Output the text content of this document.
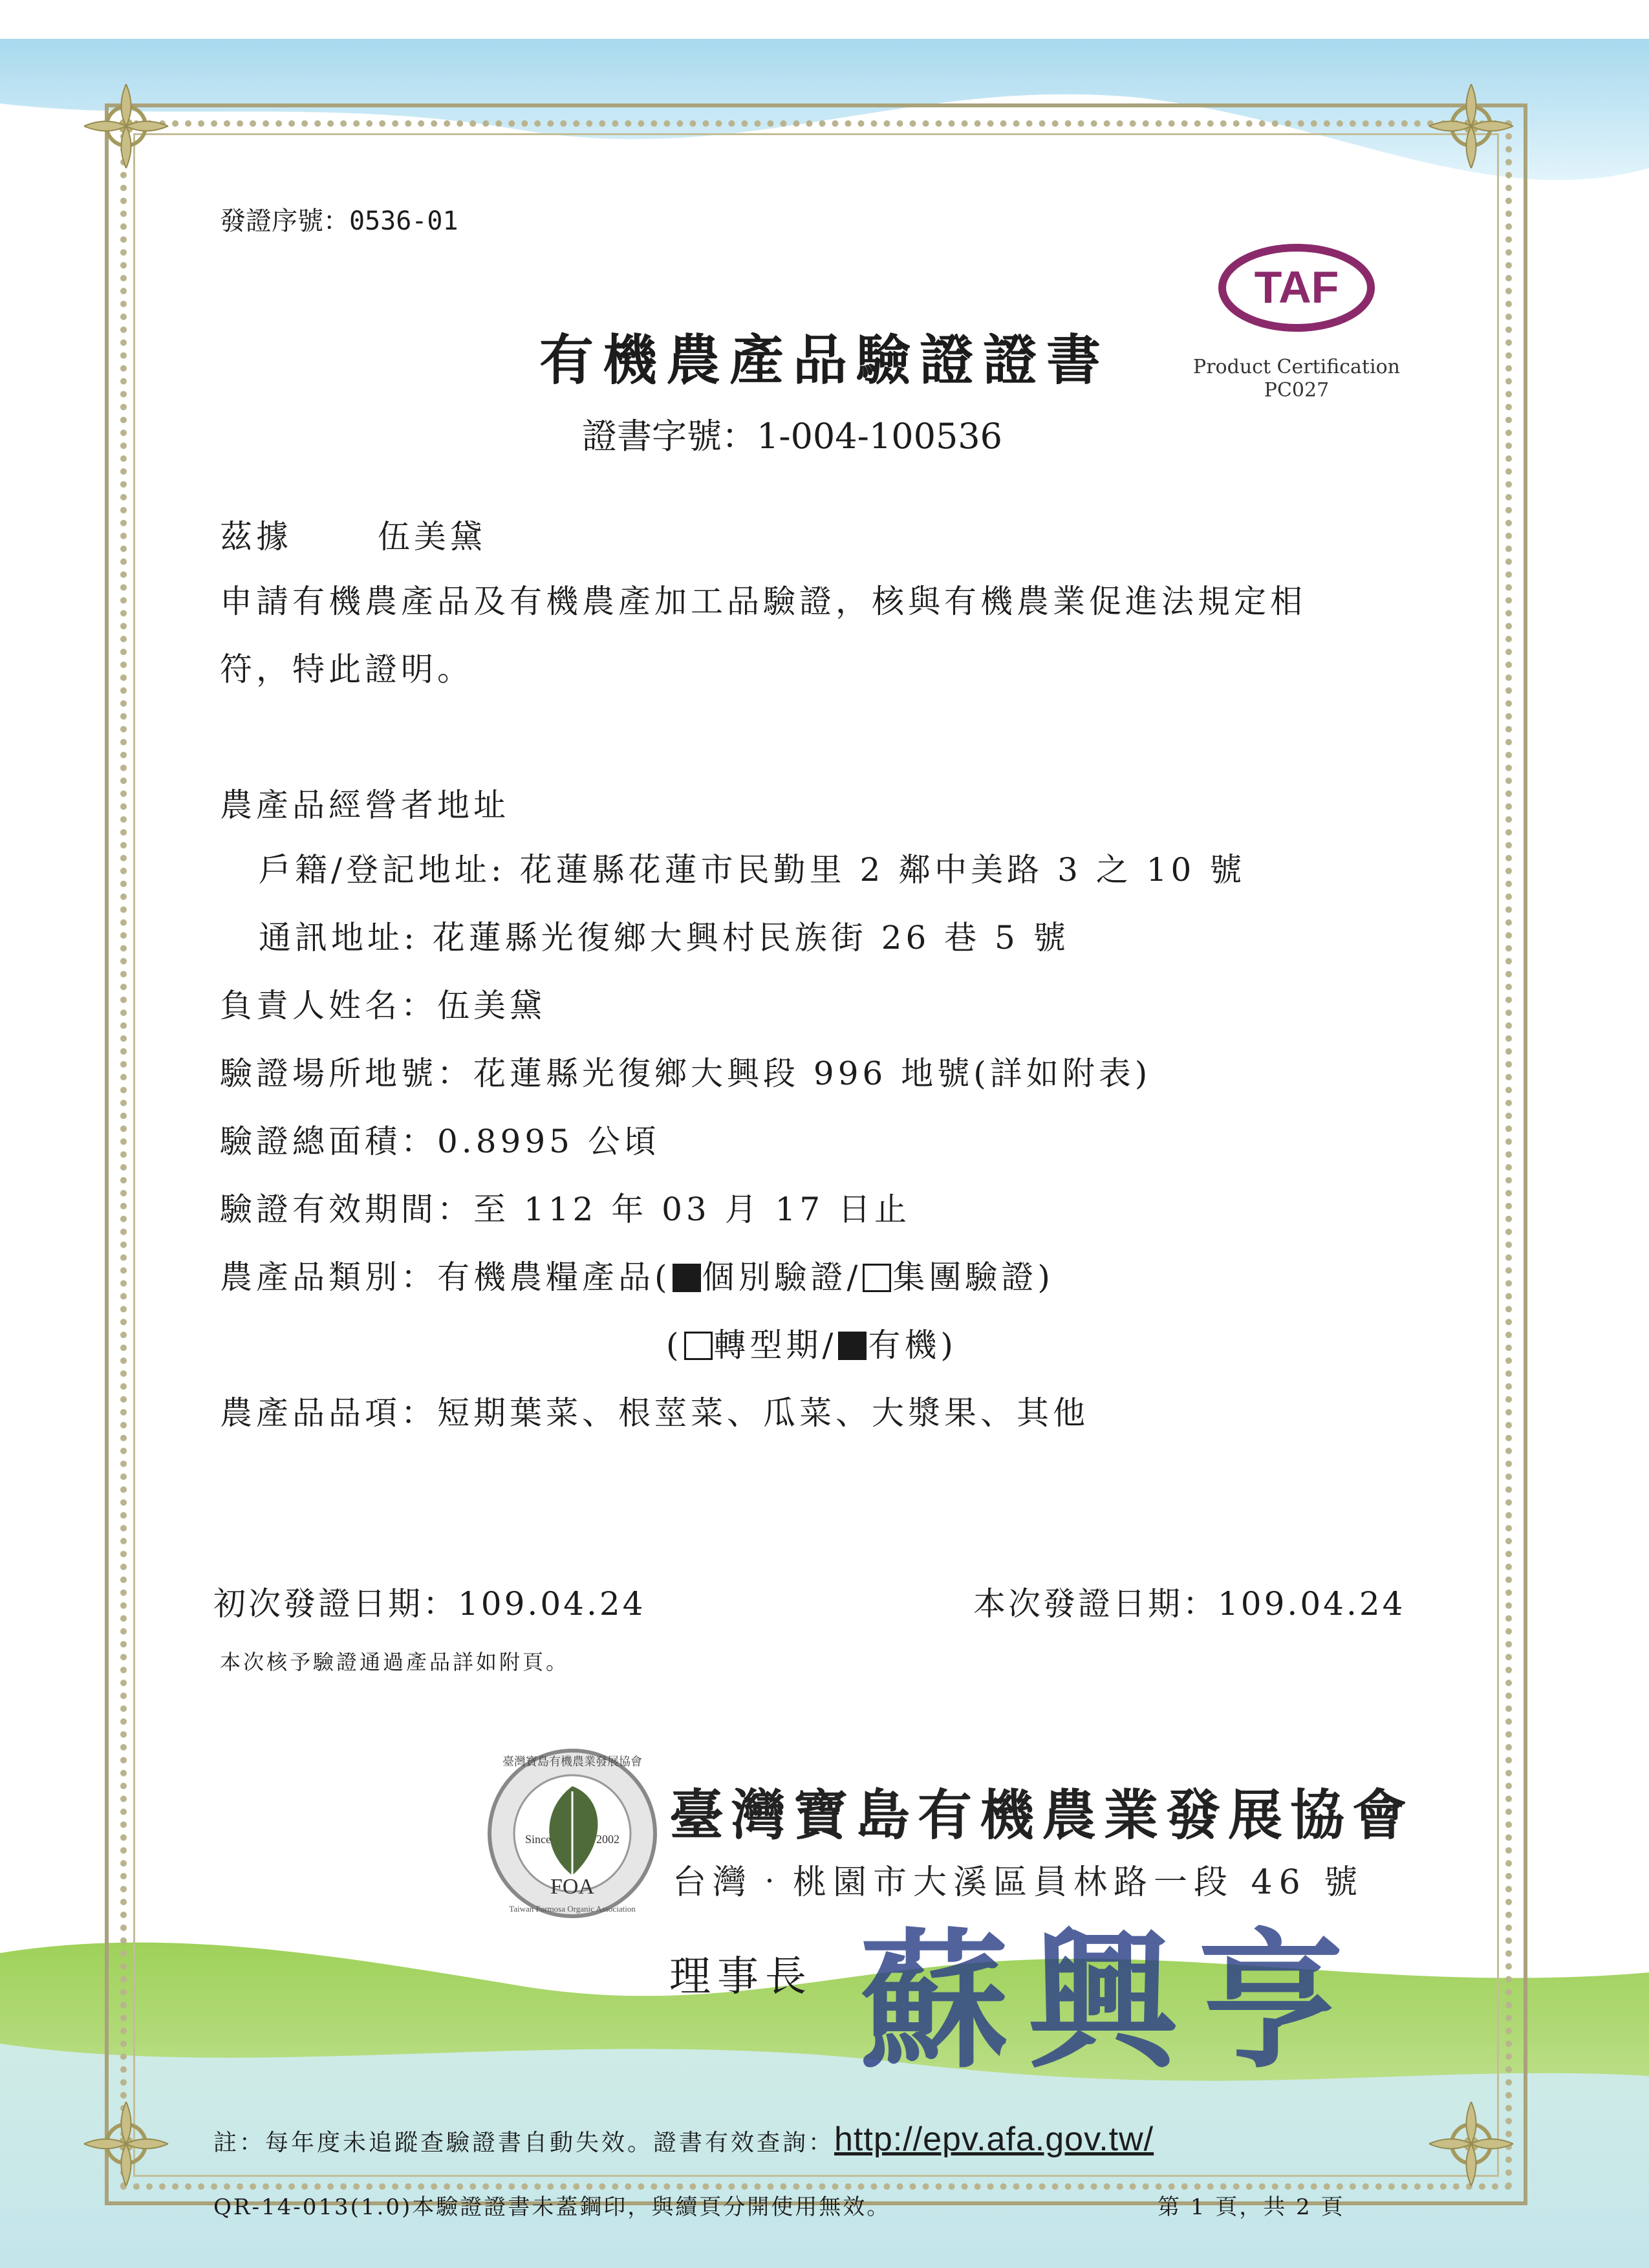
發證序號：0536-01
有機農產品驗證證書
證書字號：1-004-100536
TAF
Product Certification
PC027
茲據	伍美黛
申請有機農產品及有機農產加工品驗證，核與有機農業促進法規定相
符，特此證明。
農產品經營者地址
戶籍/登記地址: 花蓮縣花蓮市民勤里 2 鄰中美路 3 之 10 號
通訊地址: 花蓮縣光復鄉大興村民族街 26 巷 5 號
負責人姓名：伍美黛
驗證場所地號：花蓮縣光復鄉大興段 996 地號(詳如附表)
驗證總面積：0.8995 公頃
驗證有效期間：至 112 年 03 月 17 日止
農產品類別：有機農糧產品( 個別驗證/ 集團驗證)
( 轉型期/ 有機)
農產品品項：短期葉菜、根莖菜、瓜菜、大漿果、其他
初次發證日期：109.04.24	本次發證日期：109.04.24
本次核予驗證通過產品詳如附頁。
臺灣寶島有機農業發展協會
Since	2002
FOA
Taiwan Formosa Organic Association
臺灣寶島有機農業發展協會
台灣‧桃園市大溪區員林路一段 46 號
理事長 蘇興亨
註：每年度未追蹤查驗證書自動失效。證書有效查詢：http://epv.afa.gov.tw/
QR-14-013(1.0)本驗證證書未蓋鋼印，與續頁分開使用無效。	第 1 頁，共 2 頁
